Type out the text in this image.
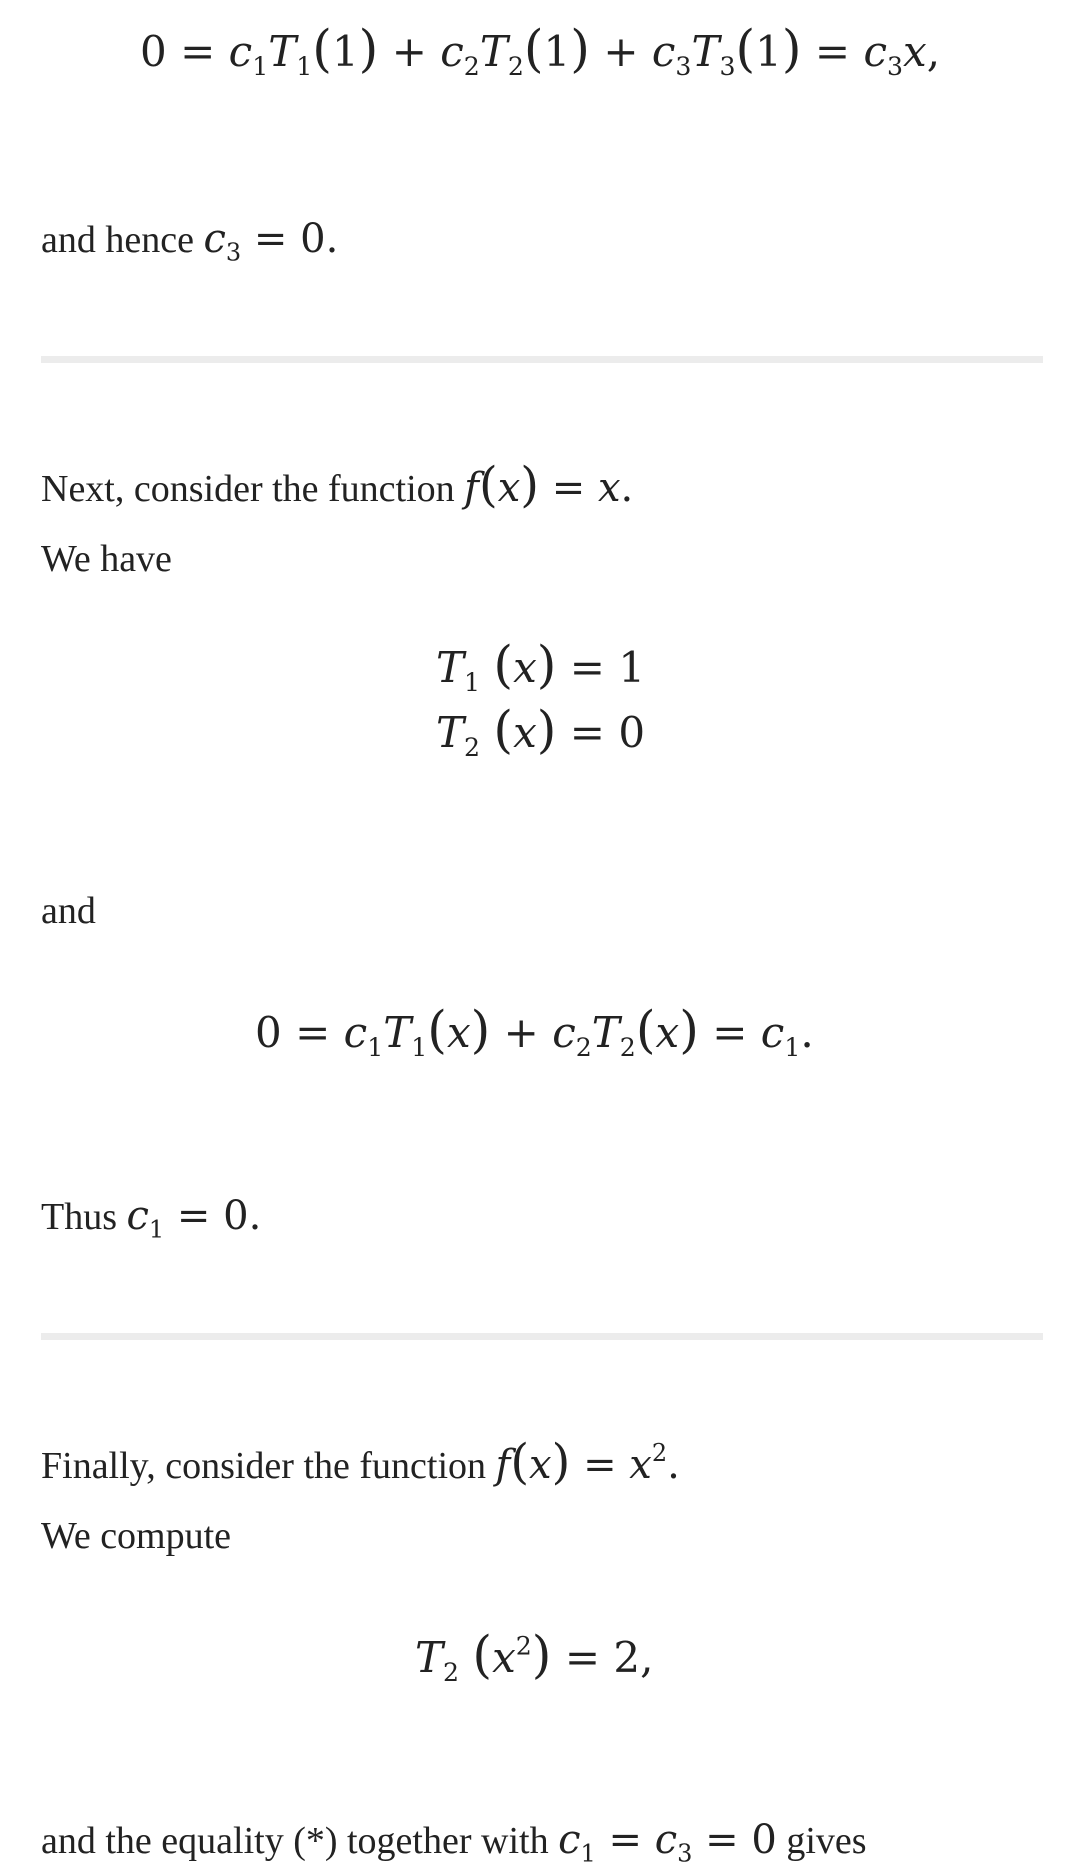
$0 = c_1T_1(1) + c_2T_2(1) + c_3T_3(1) = c_3x$,
and hence $c_3 = 0$.
Next, consider the function f(x) = x.
We have
$T_1$ (x) = 1
$T_2$ (x) = 0
and
$0 = c_1T_1(x) + c_2T_2(x) = c_1$.
Thus $c_1 = 0$.
Finally, consider the function $f(x) = x^2$.
We compute
$T_2$ $(x^2) = 2$,
and the equality (*) together with $c_1 = c_3 = 0$ gives
